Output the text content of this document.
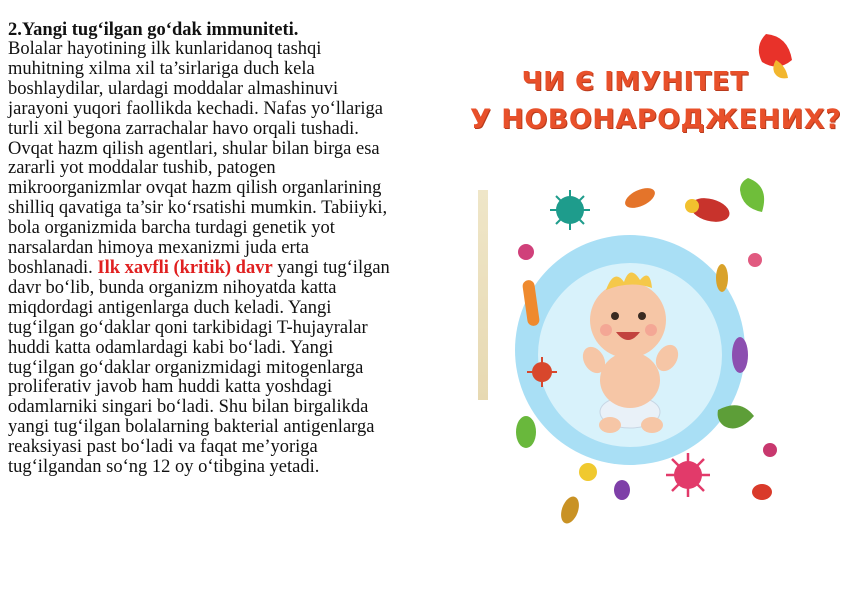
2.Yangi tug‘ilgan go‘dak immuniteti.

Bolalar hayotining ilk kunlaridanoq tashqi
muhitning xilma xil ta’sirlariga duch kela
boshlaydilar, ulardagi moddalar almashinuvi
jarayoni yuqori faollikda kechadi. Nafas yo‘llariga
turli xil begona zarrachalar havo orqali tushadi.
Ovqat hazm qilish agentlari, shular bilan birga esa
zararli yot moddalar tushib, patogen
mikroorganizmlar ovqat hazm qilish organlarining
shilliq qavatiga ta’sir ko‘rsatishi mumkin. Tabiiyki,
bola organizmida barcha turdagi genetik yot
narsalardan himoya mexanizmi juda erta
boshlanadi. Ilk xavfli (kritik) davr yangi tug‘ilgan
davr bo‘lib, bunda organizm nihoyatda katta
miqdordagi antigenlarga duch keladi. Yangi
tug‘ilgan go‘daklar qoni tarkibidagi T-hujayralar
huddi katta odamlardagi kabi bo‘ladi. Yangi
tug‘ilgan go‘daklar organizmidagi mitogenlarga
proliferativ javob ham huddi katta yoshdagi
odamlarniki singari bo‘ladi. Shu bilan birgalikda
yangi tug‘ilgan bolalarning bakterial antigenlarga
reaksiyasi past bo‘ladi va faqat me’yoriga
tug‘ilgandan so‘ng 12 oy o‘tibgina yetadi.
ЧИ Є ІМУНІТЕТ
У НОВОНАРОДЖЕНИХ?
